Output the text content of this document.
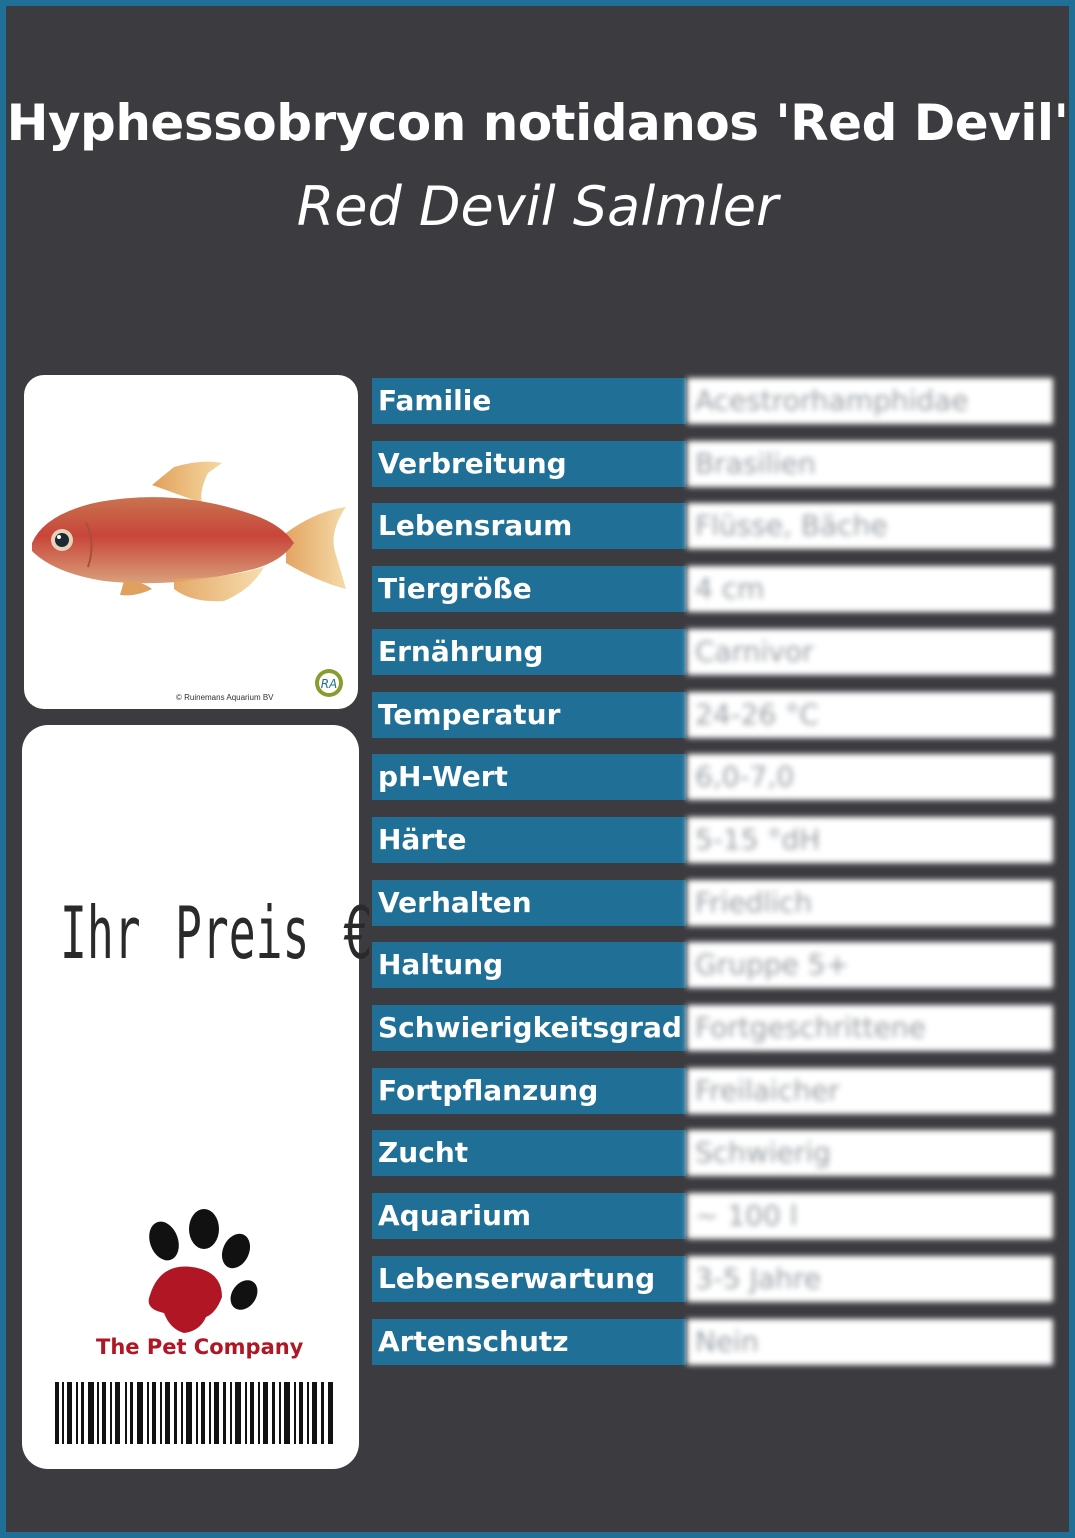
Hyphessobrycon notidanos 'Red Devil'
Red Devil Salmler
RA
© Ruinemans Aquarium BV
Ihr Preis €
The Pet Company
Familie	Acestrorhamphidae
Verbreitung	Brasilien
Lebensraum	Flüsse, Bäche
Tiergröße	4 cm
Ernährung	Carnivor
Temperatur	24-26 °C
pH-Wert	6,0-7,0
Härte	5-15 °dH
Verhalten	Friedlich
Haltung	Gruppe 5+
Schwierigkeitsgrad Fortgeschrittene
Fortpflanzung	Freilaicher
Zucht	Schwierig
Aquarium	~ 100 l
Lebenserwartung	3-5 Jahre
Artenschutz	Nein
